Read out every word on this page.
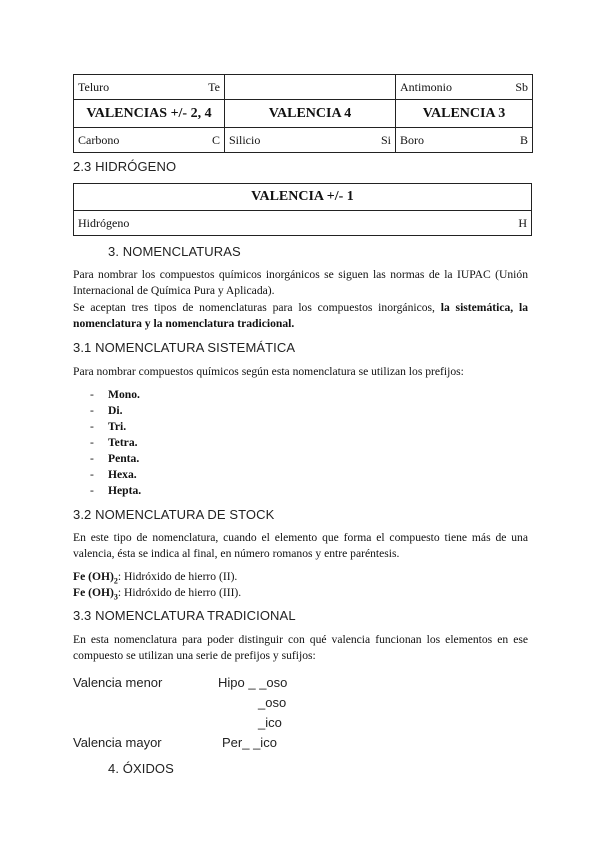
Teluro Te		Antimonio Sb

VALENCIAS +/- 2, 4	VALENCIA 4	VALENCIA 3

Carbono C	Silicio Si	Boro B
2.3 HIDRÓGENO
VALENCIA +/- 1

Hidrógeno	H
3. NOMENCLATURAS
Para nombrar los compuestos químicos inorgánicos se siguen las normas de la IUPAC (Unión Internacional de Química Pura y Aplicada).
Se aceptan tres tipos de nomenclaturas para los compuestos inorgánicos, la sistemática, la nomenclatura y la nomenclatura tradicional.
3.1 NOMENCLATURA SISTEMÁTICA
Para nombrar compuestos químicos según esta nomenclatura se utilizan los prefijos:
-	Mono.
-	Di.
-	Tri.
-	Tetra.
-	Penta.
-	Hexa.
-	Hepta.
3.2 NOMENCLATURA DE STOCK
En este tipo de nomenclatura, cuando el elemento que forma el compuesto tiene más de una valencia, ésta se indica al final, en número romanos y entre paréntesis.
Fe $(OH)_2$: Hidróxido de hierro (II).
Fe $(OH)_3$: Hidróxido de hierro (III).
3.3 NOMENCLATURA TRADICIONAL
En esta nomenclatura para poder distinguir con qué valencia funcionan los elementos en ese compuesto se utilizan una serie de prefijos y sufijos:
Valencia menor	Hipo _ _oso
_oso
_ico
Valencia mayor	Per_ _ico
4. ÓXIDOS
